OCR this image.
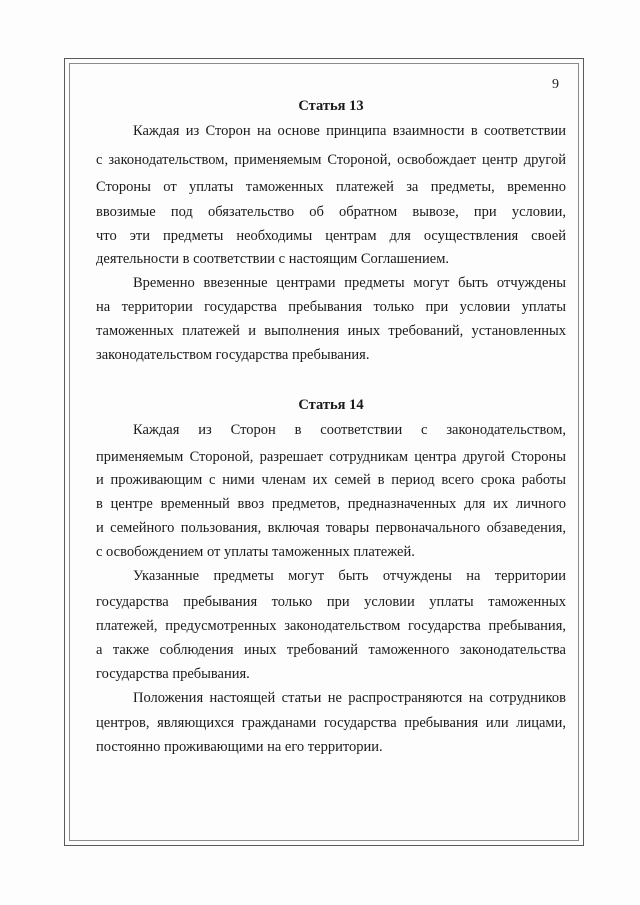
9
Статья 13
Каждая из Сторон на основе принципа взаимности в соответствии
с законодательством, применяемым Стороной, освобождает центр другой
Стороны от уплаты таможенных платежей за предметы, временно
ввозимые под обязательство об обратном вывозе, при условии,
что эти предметы необходимы центрам для осуществления своей
деятельности в соответствии с настоящим Соглашением.
Временно ввезенные центрами предметы могут быть отчуждены
на территории государства пребывания только при условии уплаты
таможенных платежей и выполнения иных требований, установленных
законодательством государства пребывания.
Статья 14
Каждая из Сторон в соответствии с законодательством,
применяемым Стороной, разрешает сотрудникам центра другой Стороны
и проживающим с ними членам их семей в период всего срока работы
в центре временный ввоз предметов, предназначенных для их личного
и семейного пользования, включая товары первоначального обзаведения,
с освобождением от уплаты таможенных платежей.
Указанные предметы могут быть отчуждены на территории
государства пребывания только при условии уплаты таможенных
платежей, предусмотренных законодательством государства пребывания,
а также соблюдения иных требований таможенного законодательства
государства пребывания.
Положения настоящей статьи не распространяются на сотрудников
центров, являющихся гражданами государства пребывания или лицами,
постоянно проживающими на его территории.
